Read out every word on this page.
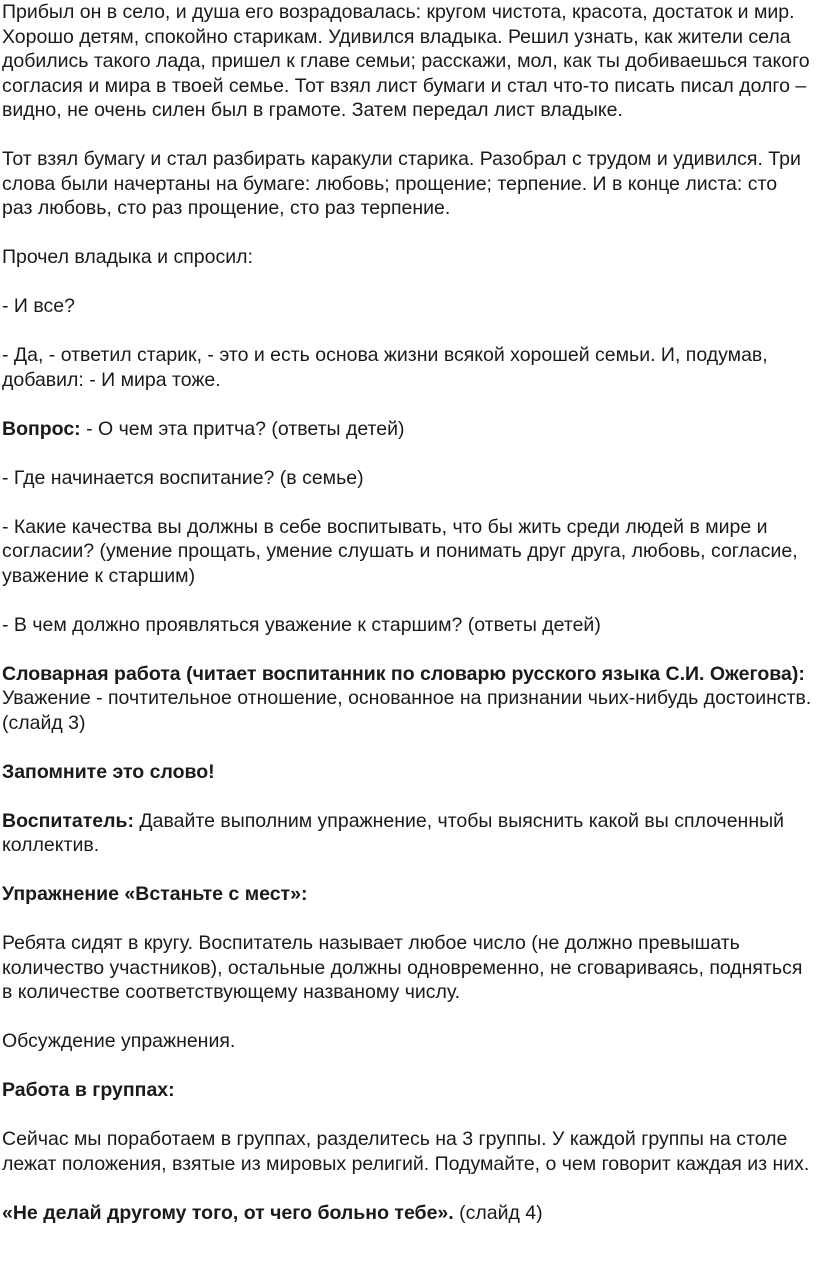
Прибыл он в село, и душа его возрадовалась: кругом чистота, красота, достаток и мир. Хорошо детям, спокойно старикам. Удивился владыка. Решил узнать, как жители села добились такого лада, пришел к главе семьи; расскажи, мол, как ты добиваешься такого согласия и мира в твоей семье. Тот взял лист бумаги и стал что-то писать писал долго – видно, не очень силен был в грамоте. Затем передал лист владыке.

Тот взял бумагу и стал разбирать каракули старика. Разобрал с трудом и удивился. Три слова были начертаны на бумаге: любовь; прощение; терпение. И в конце листа: сто раз любовь, сто раз прощение, сто раз терпение.

Прочел владыка и спросил:

- И все?

- Да, - ответил старик, - это и есть основа жизни всякой хорошей семьи. И, подумав, добавил: - И мира тоже.

Вопрос: - О чем эта притча? (ответы детей)

- Где начинается воспитание? (в семье)

- Какие качества вы должны в себе воспитывать, что бы жить среди людей в мире и согласии? (умение прощать, умение слушать и понимать друг друга, любовь, согласие, уважение к старшим)

- В чем должно проявляться уважение к старшим? (ответы детей)

Словарная работа (читает воспитанник по словарю русского языка С.И. Ожегова): Уважение - почтительное отношение, основанное на признании чьих-нибудь достоинств. (слайд 3)

Запомните это слово!

Воспитатель: Давайте выполним упражнение, чтобы выяснить какой вы сплоченный коллектив.

Упражнение «Встаньте с мест»:

Ребята сидят в кругу. Воспитатель называет любое число (не должно превышать количество участников), остальные должны одновременно, не сговариваясь, подняться в количестве соответствующему названому числу.

Обсуждение упражнения.

Работа в группах:

Сейчас мы поработаем в группах, разделитесь на 3 группы. У каждой группы на столе лежат положения, взятые из мировых религий. Подумайте, о чем говорит каждая из них.

«Не делай другому того, от чего больно тебе». (слайд 4)
